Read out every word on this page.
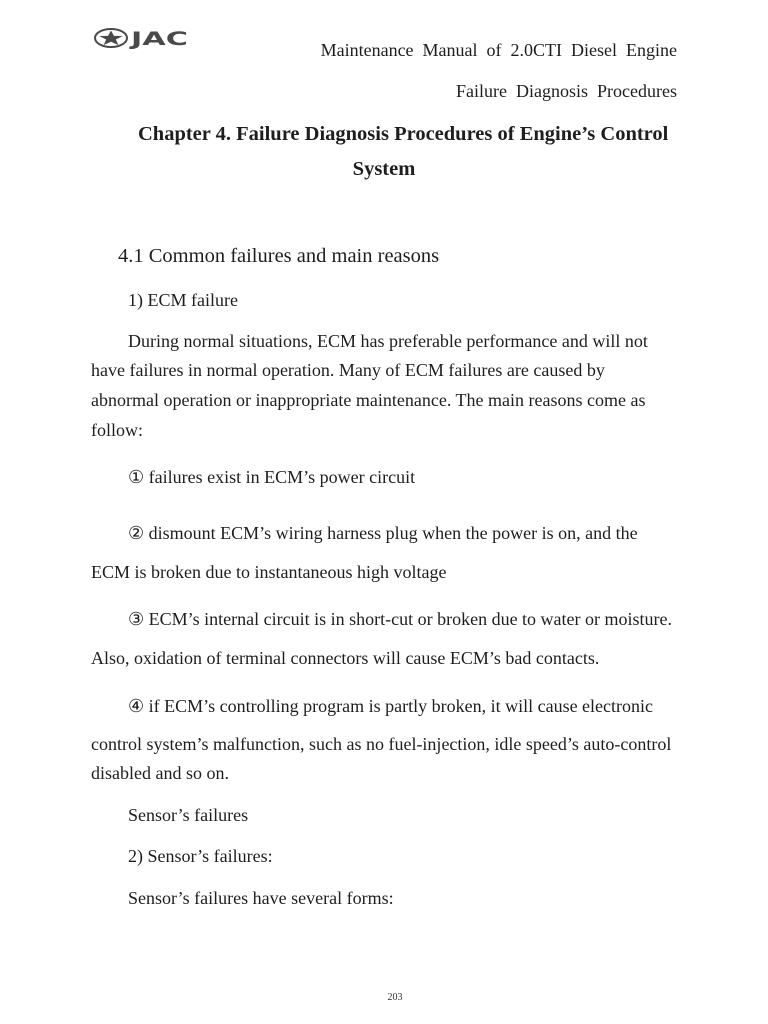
JAC	Maintenance Manual of 2.0CTI Diesel Engine
Failure Diagnosis Procedures
Chapter 4. Failure Diagnosis Procedures of Engine’s Control
System
4.1 Common failures and main reasons
1) ECM failure
During normal situations, ECM has preferable performance and will not
have failures in normal operation. Many of ECM failures are caused by
abnormal operation or inappropriate maintenance. The main reasons come as
follow:
① failures exist in ECM’s power circuit
② dismount ECM’s wiring harness plug when the power is on, and the
ECM is broken due to instantaneous high voltage
③ ECM’s internal circuit is in short-cut or broken due to water or moisture.
Also, oxidation of terminal connectors will cause ECM’s bad contacts.
④ if ECM’s controlling program is partly broken, it will cause electronic
control system’s malfunction, such as no fuel-injection, idle speed’s auto-control
disabled and so on.
Sensor’s failures
2) Sensor’s failures:
Sensor’s failures have several forms:
203
